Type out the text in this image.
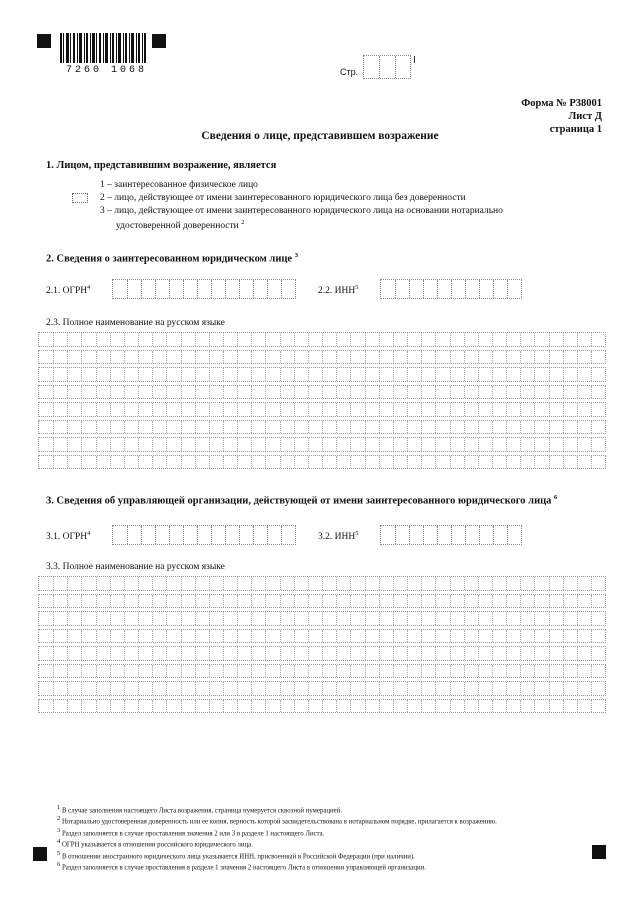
7260 1068	Стр.
Форма № Р38001
Лист Д
страница 1
Сведения о лице, представившем возражение
1. Лицом, представившим возражение, является
1 – заинтересованное физическое лицо
2 – лицо, действующее от имени заинтересованного юридического лица без доверенности
3 – лицо, действующее от имени заинтересованного юридического лица на основании нотариально
удостоверенной доверенности $^2$
2. Сведения о заинтересованном юридическом лице $^3$
2.1. ОГРН$^4$	2.2. ИНН$^5$
2.3. Полное наименование на русском языке
3. Сведения об управляющей организации, действующей от имени заинтересованного юридического лица $^6$
3.1. ОГРН$^4$	3.2. ИНН$^5$
3.3. Полное наименование на русском языке
1 В случае заполнения настоящего Листа возражения, страница нумеруется сквозной нумерацией.
2 Нотариально удостоверенная доверенность или ее копия, верность которой засвидетельствована в нотариальном порядке, прилагается к возражению.
3 Раздел заполняется в случае проставления значения 2 или 3 в разделе 1 настоящего Листа.
4 ОГРН указывается в отношении российского юридического лица.
5 В отношении иностранного юридического лица указывается ИНН, присвоенный в Российской Федерации (при наличии).
6 Раздел заполняется в случае проставления в разделе 1 значения 2 настоящего Листа в отношении управляющей организации.
